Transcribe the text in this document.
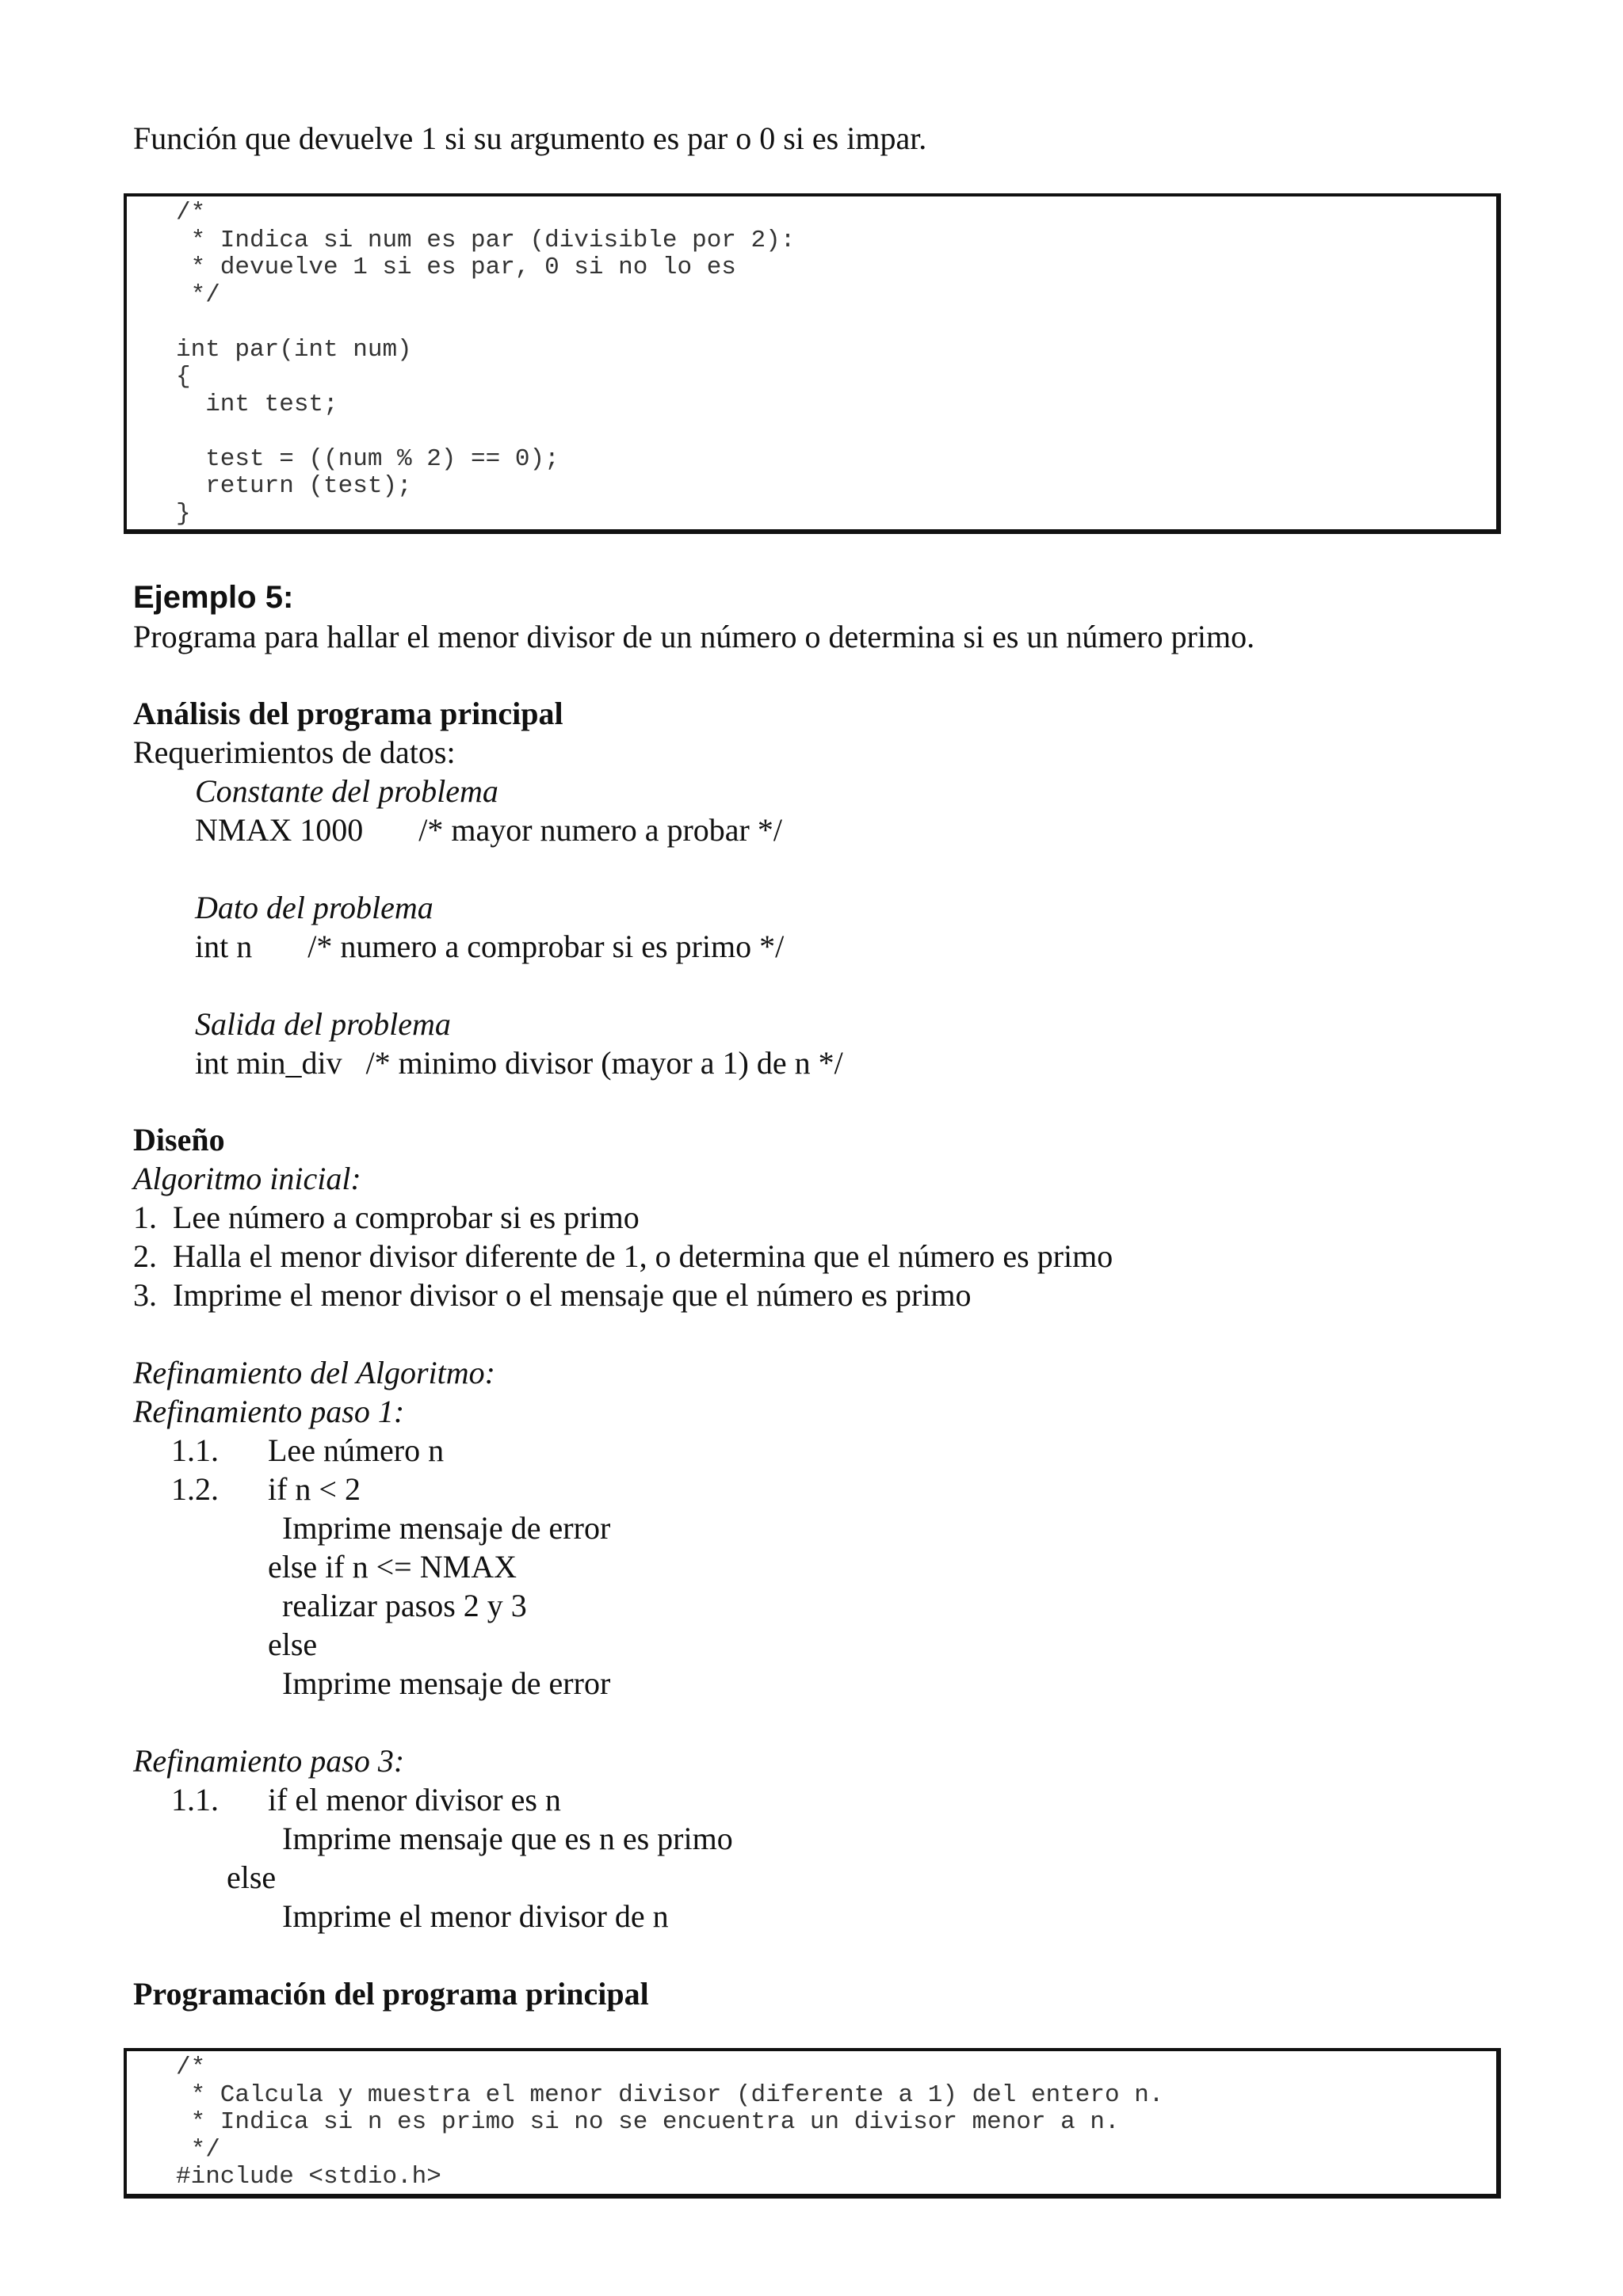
Función que devuelve 1 si su argumento es par o 0 si es impar.
/*
* Indica si num es par (divisible por 2):
* devuelve 1 si es par, 0 si no lo es
*/

int par(int num)
{
int test;

test = ((num % 2) == 0);
return (test);
}
Ejemplo 5:
Programa para hallar el menor divisor de un número o determina si es un número primo.
Análisis del programa principal
Requerimientos de datos:
Constante del problema
NMAX 1000       /* mayor numero a probar */
Dato del problema
int n       /* numero a comprobar si es primo */
Salida del problema
int min_div   /* minimo divisor (mayor a 1) de n */
Diseño
Algoritmo inicial:
1.  Lee número a comprobar si es primo
2.  Halla el menor divisor diferente de 1, o determina que el número es primo
3.  Imprime el menor divisor o el mensaje que el número es primo
Refinamiento del Algoritmo:
Refinamiento paso 1:
1.1. Lee número n
1.2. if n < 2
Imprime mensaje de error
else if n <= NMAX
realizar pasos 2 y 3
else
Imprime mensaje de error
Refinamiento paso 3:
1.1. if el menor divisor es n
Imprime mensaje que es n es primo
else
Imprime el menor divisor de n
Programación del programa principal
/*
* Calcula y muestra el menor divisor (diferente a 1) del entero n.
* Indica si n es primo si no se encuentra un divisor menor a n.
*/
#include <stdio.h>
